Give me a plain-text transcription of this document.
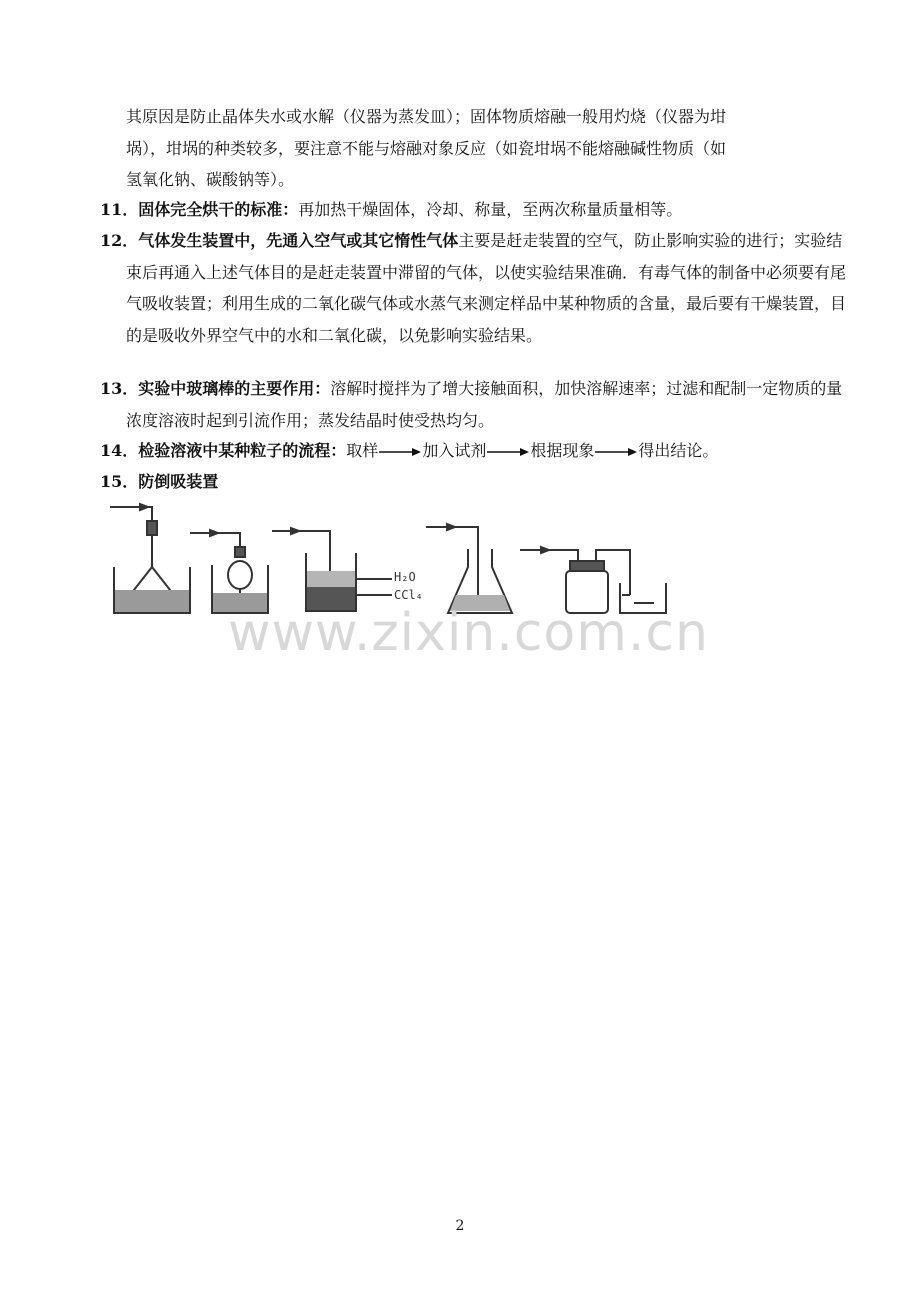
其原因是防止晶体失水或水解（仪器为蒸发皿）；固体物质熔融一般用灼烧（仪器为坩
埚），坩埚的种类较多，要注意不能与熔融对象反应（如瓷坩埚不能熔融碱性物质（如
氢氧化钠、碳酸钠等）。
11．固体完全烘干的标准：再加热干燥固体，冷却、称量，至两次称量质量相等。
12．气体发生装置中，先通入空气或其它惰性气体主要是赶走装置的空气，防止影响实验的进行；实验结束后再通入上述气体目的是赶走装置中滞留的气体，以使实验结果准确．有毒气体的制备中必须要有尾气吸收装置；利用生成的二氧化碳气体或水蒸气来测定样品中某种物质的含量，最后要有干燥装置，目的是吸收外界空气中的水和二氧化碳，以免影响实验结果。
13．实验中玻璃棒的主要作用：溶解时搅拌为了增大接触面积，加快溶解速率；过滤和配制一定物质的量浓度溶液时起到引流作用；蒸发结晶时使受热均匀。
14．检验溶液中某种粒子的流程：取样	加入试剂	根据现象	得出结论。
15．防倒吸装置
H₂O
CCl₄
www.zixin.com.cn
2
